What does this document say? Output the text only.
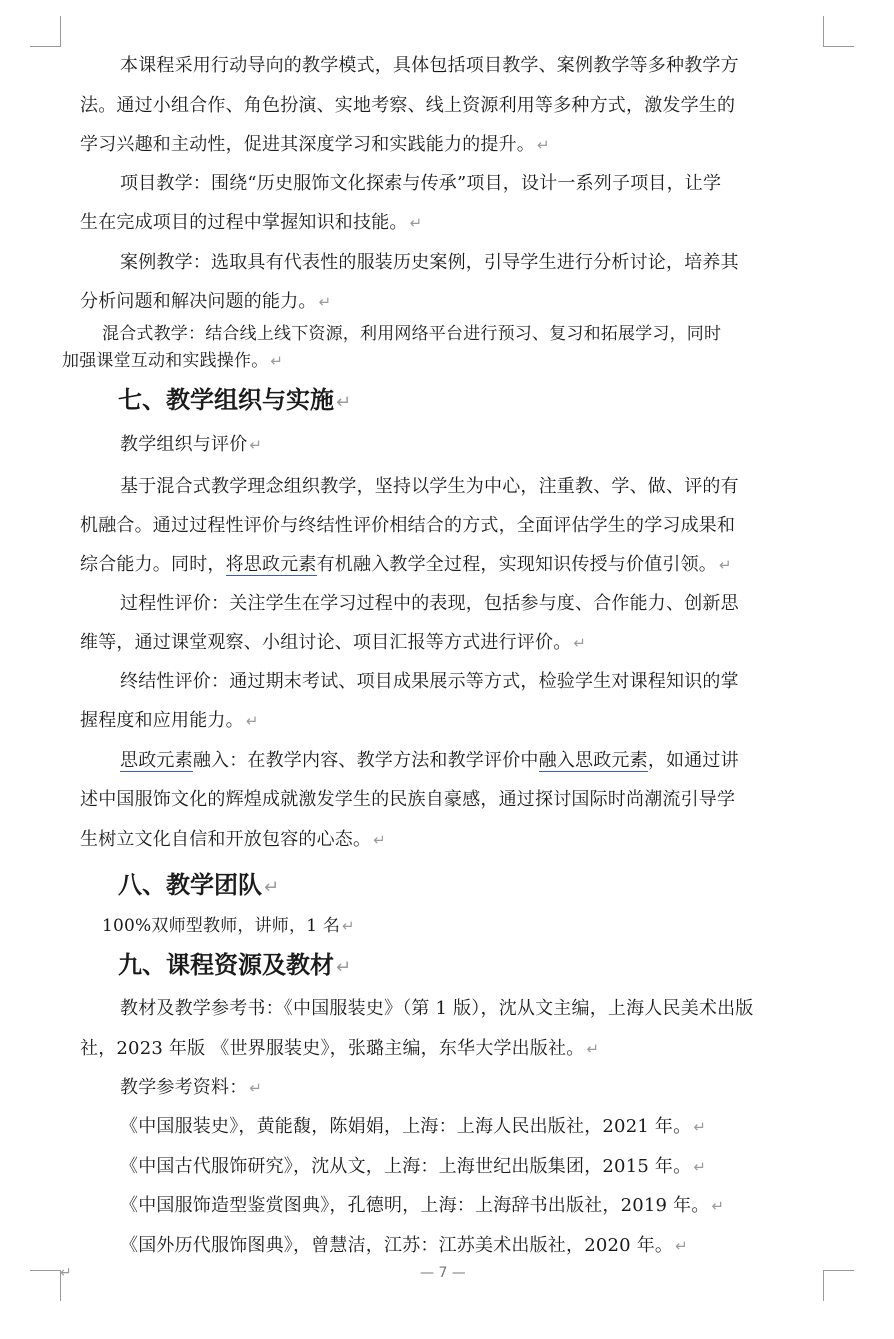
本课程采用行动导向的教学模式，具体包括项目教学、案例教学等多种教学方
法。通过小组合作、角色扮演、实地考察、线上资源利用等多种方式，激发学生的
学习兴趣和主动性，促进其深度学习和实践能力的提升。 ↵
项目教学：围绕“历史服饰文化探索与传承”项目，设计一系列子项目，让学
生在完成项目的过程中掌握知识和技能。 ↵
案例教学：选取具有代表性的服装历史案例，引导学生进行分析讨论，培养其
分析问题和解决问题的能力。 ↵
混合式教学：结合线上线下资源，利用网络平台进行预习、复习和拓展学习，同时
加强课堂互动和实践操作。 ↵
七、教学组织与实施 ↵
教学组织与评价 ↵
基于混合式教学理念组织教学，坚持以学生为中心，注重教、学、做、评的有
机融合。通过过程性评价与终结性评价相结合的方式，全面评估学生的学习成果和
综合能力。同时，将思政元素有机融入教学全过程，实现知识传授与价值引领。 ↵
过程性评价：关注学生在学习过程中的表现，包括参与度、合作能力、创新思
维等，通过课堂观察、小组讨论、项目汇报等方式进行评价。 ↵
终结性评价：通过期末考试、项目成果展示等方式，检验学生对课程知识的掌
握程度和应用能力。 ↵
思政元素融入：在教学内容、教学方法和教学评价中融入思政元素，如通过讲
述中国服饰文化的辉煌成就激发学生的民族自豪感，通过探讨国际时尚潮流引导学
生树立文化自信和开放包容的心态。 ↵
八、教学团队 ↵
100%双师型教师，讲师，1 名 ↵
九、课程资源及教材 ↵
教材及教学参考书：《中国服装史》（第 1 版），沈从文主编，上海人民美术出版
社，2023 年版 《世界服装史》，张璐主编，东华大学出版社。 ↵
教学参考资料： ↵
《中国服装史》，黄能馥，陈娟娟，上海：上海人民出版社，2021 年。 ↵
《中国古代服饰研究》，沈从文，上海：上海世纪出版集团，2015 年。 ↵
《中国服饰造型鉴赏图典》，孔德明，上海：上海辞书出版社，2019 年。 ↵
《国外历代服饰图典》，曾慧洁，江苏：江苏美术出版社，2020 年。 ↵
↵	— 7 —
